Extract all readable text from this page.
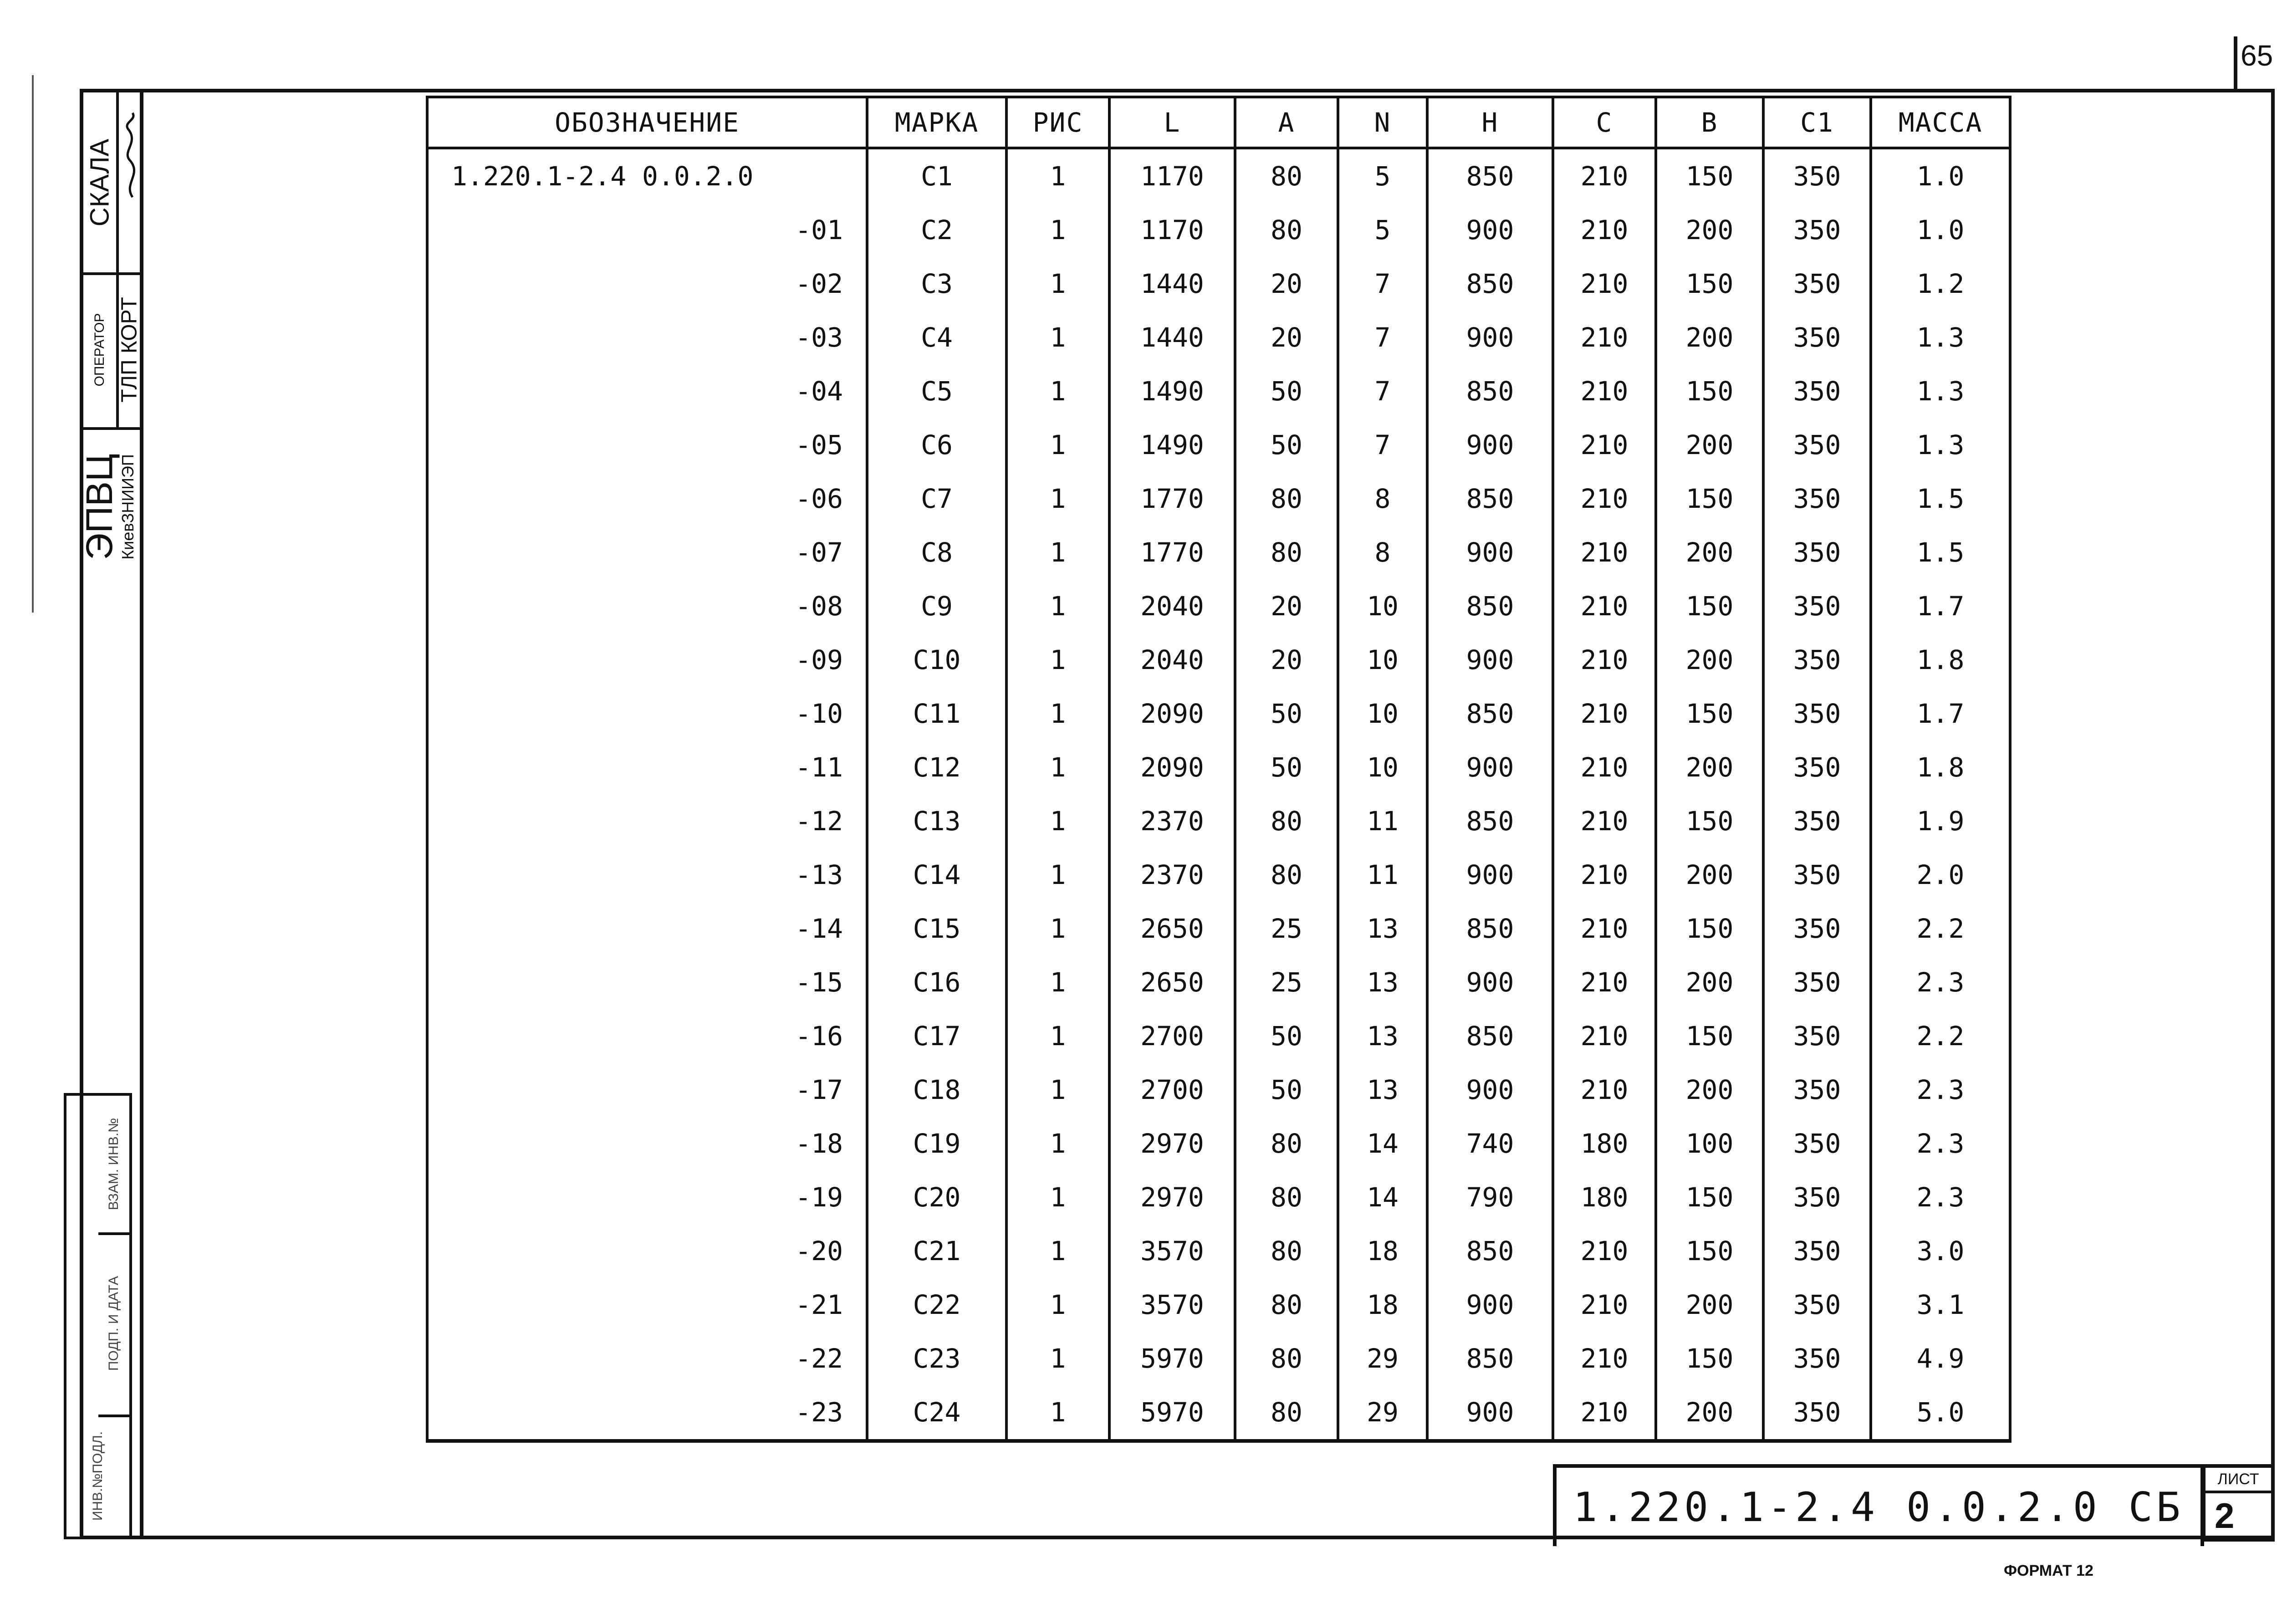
65
СКАЛА
ОПЕРАТОР ТЛП КОРТ
ЭПВЦ
КиевЗНИИЭП
ВЗАМ. ИНВ.№
ПОДП. И ДАТА
ИНВ.№ПОДЛ.
ОБОЗНАЧЕНИЕ	МАРКА	РИС	L	A	N	H	C	B	C1	МАССА
1.220.1-2.4 0.0.2.0	C1	1	1170	80	5	850	210	150	350	1.0
-01	C2	1	1170	80	5	900	210	200	350	1.0
-02	C3	1	1440	20	7	850	210	150	350	1.2
-03	C4	1	1440	20	7	900	210	200	350	1.3
-04	C5	1	1490	50	7	850	210	150	350	1.3
-05	C6	1	1490	50	7	900	210	200	350	1.3
-06	C7	1	1770	80	8	850	210	150	350	1.5
-07	C8	1	1770	80	8	900	210	200	350	1.5
-08	C9	1	2040	20	10	850	210	150	350	1.7
-09	C10	1	2040	20	10	900	210	200	350	1.8
-10	C11	1	2090	50	10	850	210	150	350	1.7
-11	C12	1	2090	50	10	900	210	200	350	1.8
-12	C13	1	2370	80	11	850	210	150	350	1.9
-13	C14	1	2370	80	11	900	210	200	350	2.0
-14	C15	1	2650	25	13	850	210	150	350	2.2
-15	C16	1	2650	25	13	900	210	200	350	2.3
-16	C17	1	2700	50	13	850	210	150	350	2.2
-17	C18	1	2700	50	13	900	210	200	350	2.3
-18	C19	1	2970	80	14	740	180	100	350	2.3
-19	C20	1	2970	80	14	790	180	150	350	2.3
-20	C21	1	3570	80	18	850	210	150	350	3.0
-21	C22	1	3570	80	18	900	210	200	350	3.1
-22	C23	1	5970	80	29	850	210	150	350	4.9
-23	C24	1	5970	80	29	900	210	200	350	5.0
1.220.1-2.4 0.0.2.0 СБ
ЛИСТ
2
ФОРМАТ 12
